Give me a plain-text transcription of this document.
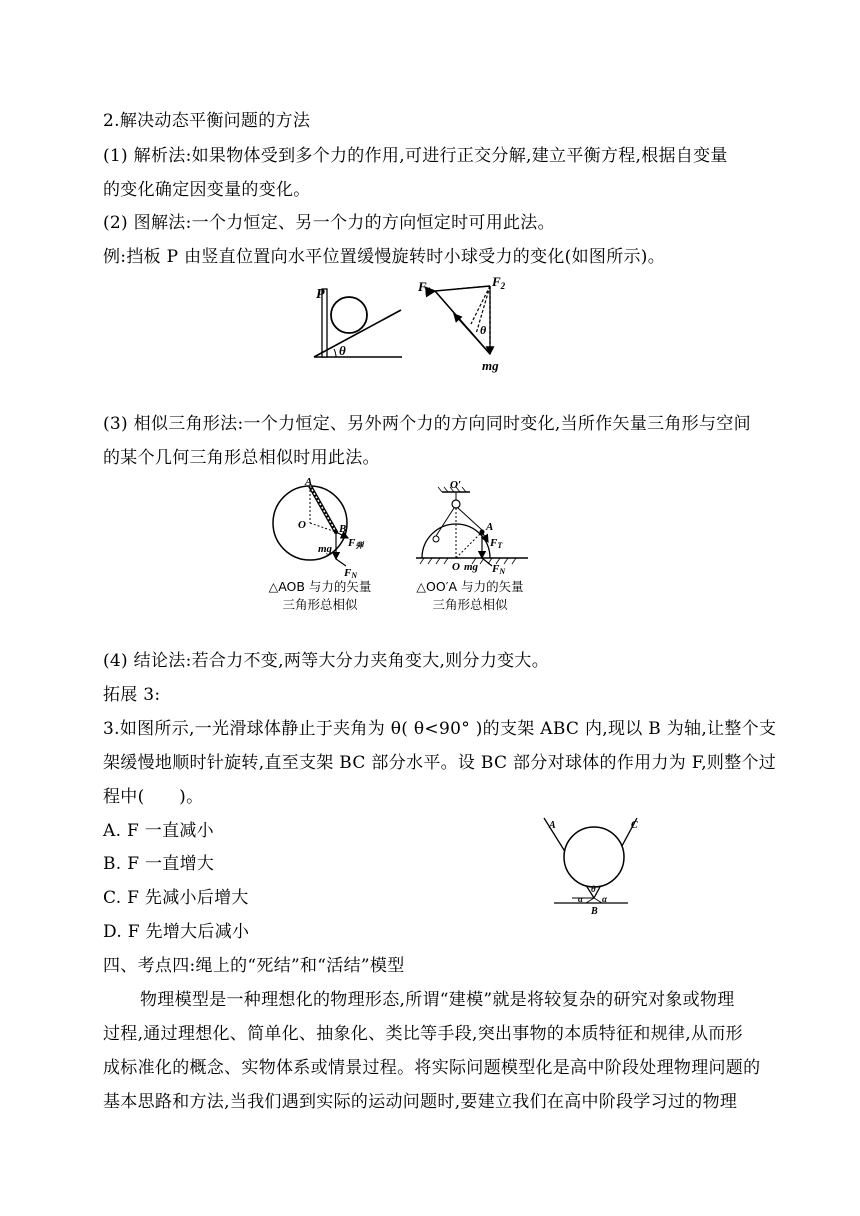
2.解决动态平衡问题的方法
(1) 解析法:如果物体受到多个力的作用,可进行正交分解,建立平衡方程,根据自变量
的变化确定因变量的变化。
(2) 图解法:一个力恒定、另一个力的方向恒定时可用此法。
例:挡板 P 由竖直位置向水平位置缓慢旋转时小球受力的变化(如图所示)。
P
θ
$F_1$
$F_2$
θ
mg
(3) 相似三角形法:一个力恒定、另外两个力的方向同时变化,当所作矢量三角形与空间
的某个几何三角形总相似时用此法。
A
O	B
mg F弹
FN
△AOB 与力的矢量
三角形总相似
O′
A
FT
O mg FN
△OO′A 与力的矢量
三角形总相似
(4) 结论法:若合力不变,两等大分力夹角变大,则分力变大。
拓展 3:
3.如图所示,一光滑球体静止于夹角为 θ( θ<90° )的支架 ABC 内,现以 B 为轴,让整个支
架缓慢地顺时针旋转,直至支架 BC 部分水平。设 BC 部分对球体的作用力为 F,则整个过
程中(　　)。
A. F 一直减小
B. F 一直增大
C. F 先减小后增大
D. F 先增大后减小
A	C
θ
α α
B
四、考点四:绳上的“死结”和“活结”模型
物理模型是一种理想化的物理形态,所谓“建模”就是将较复杂的研究对象或物理
过程,通过理想化、简单化、抽象化、类比等手段,突出事物的本质特征和规律,从而形
成标准化的概念、实物体系或情景过程。将实际问题模型化是高中阶段处理物理问题的
基本思路和方法,当我们遇到实际的运动问题时,要建立我们在高中阶段学习过的物理
